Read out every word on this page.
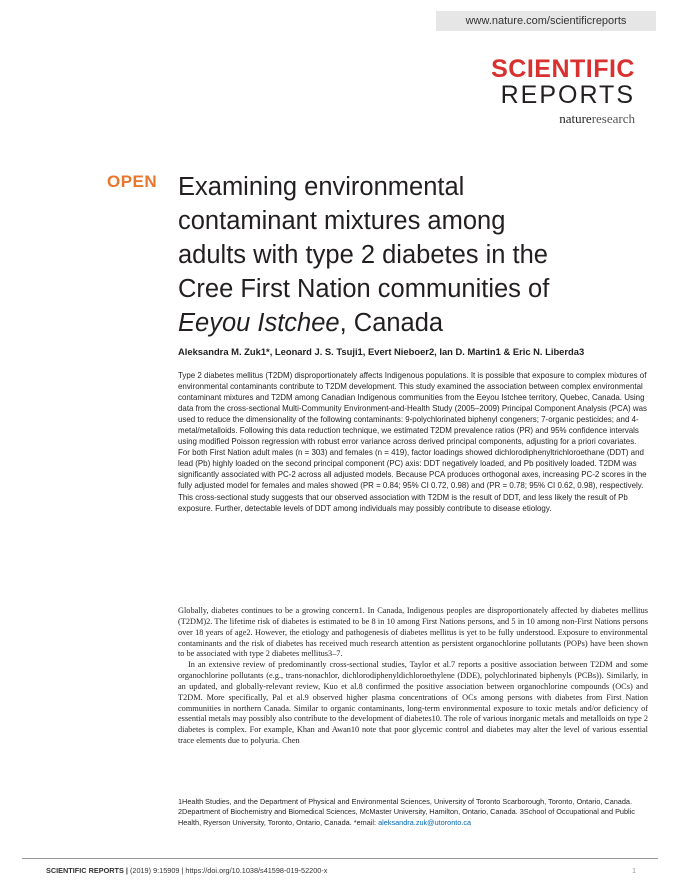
www.nature.com/scientificreports
SCIENTIFIC
REPORTS
natureresearch
OPEN Examining environmental
contaminant mixtures among
adults with type 2 diabetes in the
Cree First Nation communities of
Eeyou Istchee, Canada
Aleksandra M. Zuk1*, Leonard J. S. Tsuji1, Evert Nieboer2, Ian D. Martin1 & Eric N. Liberda3
Type 2 diabetes mellitus (T2DM) disproportionately affects Indigenous populations. It is possible that exposure to complex mixtures of environmental contaminants contribute to T2DM development. This study examined the association between complex environmental contaminant mixtures and T2DM among Canadian Indigenous communities from the Eeyou Istchee territory, Quebec, Canada. Using data from the cross-sectional Multi-Community Environment-and-Health Study (2005–2009) Principal Component Analysis (PCA) was used to reduce the dimensionality of the following contaminants: 9-polychlorinated biphenyl congeners; 7-organic pesticides; and 4-metal/metalloids. Following this data reduction technique, we estimated T2DM prevalence ratios (PR) and 95% confidence intervals using modified Poisson regression with robust error variance across derived principal components, adjusting for a priori covariates. For both First Nation adult males (n = 303) and females (n = 419), factor loadings showed dichlorodiphenyltrichloroethane (DDT) and lead (Pb) highly loaded on the second principal component (PC) axis: DDT negatively loaded, and Pb positively loaded. T2DM was significantly associated with PC-2 across all adjusted models. Because PCA produces orthogonal axes, increasing PC-2 scores in the fully adjusted model for females and males showed (PR = 0.84; 95% CI 0.72, 0.98) and (PR = 0.78; 95% CI 0.62, 0.98), respectively. This cross-sectional study suggests that our observed association with T2DM is the result of DDT, and less likely the result of Pb exposure. Further, detectable levels of DDT among individuals may possibly contribute to disease etiology.

Globally, diabetes continues to be a growing concern1. In Canada, Indigenous peoples are disproportionately affected by diabetes mellitus (T2DM)2. The lifetime risk of diabetes is estimated to be 8 in 10 among First Nations persons, and 5 in 10 among non-First Nations persons over 18 years of age2. However, the etiology and pathogenesis of diabetes mellitus is yet to be fully understood. Exposure to environmental contaminants and the risk of diabetes has received much research attention as persistent organochlorine pollutants (POPs) have been shown to be associated with type 2 diabetes mellitus3–7.

In an extensive review of predominantly cross-sectional studies, Taylor et al.7 reports a positive association between T2DM and some organochlorine pollutants (e.g., trans-nonachlor, dichlorodiphenyldichloroethylene (DDE), polychlorinated biphenyls (PCBs)). Similarly, in an updated, and globally-relevant review, Kuo et al.8 confirmed the positive association between organochlorine compounds (OCs) and T2DM. More specifically, Pal et al.9 observed higher plasma concentrations of OCs among persons with diabetes from First Nation communities in northern Canada. Similar to organic contaminants, long-term environmental exposure to toxic metals and/or deficiency of essential metals may possibly also contribute to the development of diabetes10. The role of various inorganic metals and metalloids on type 2 diabetes is complex. For example, Khan and Awan10 note that poor glycemic control and diabetes may alter the level of various essential trace elements due to polyuria. Chen

1Health Studies, and the Department of Physical and Environmental Sciences, University of Toronto Scarborough, Toronto, Ontario, Canada. 2Department of Biochemistry and Biomedical Sciences, McMaster University, Hamilton, Ontario, Canada. 3School of Occupational and Public Health, Ryerson University, Toronto, Ontario, Canada. *email: aleksandra.zuk@utoronto.ca
SCIENTIFIC REPORTS | (2019) 9:15909 | https://doi.org/10.1038/s41598-019-52200-x	1
